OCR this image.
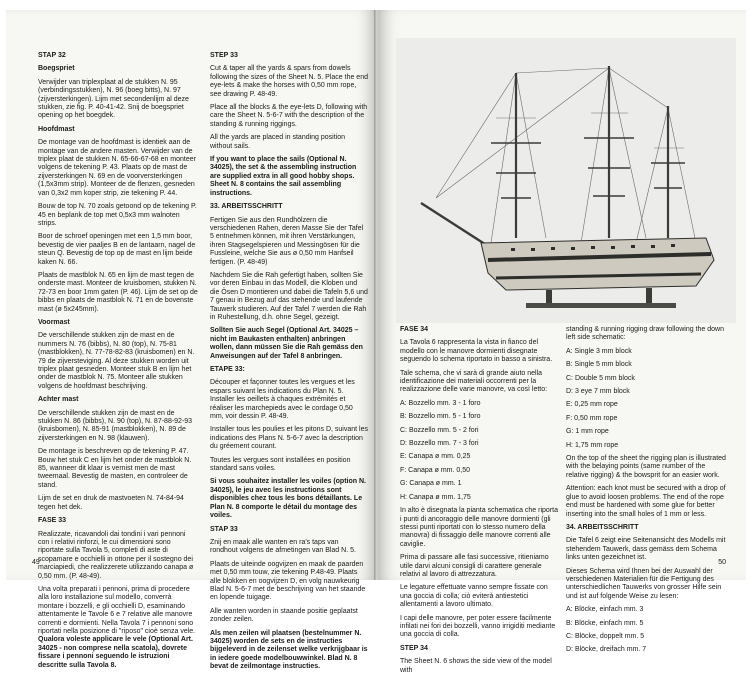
STAP 32

Boegspriet

Verwijder van triplexplaat al de stukken N. 95 (verbindingsstukken), N. 96 (boeg bitts), N. 97 (zijversterkingen). Lijm met secondenlijm al deze stukken, zie fig. P. 40-41-42. Snij de boegspriet opening op het boegdek.

Hoofdmast

De montage van de hoofdmast is identiek aan de montage van de andere masten. Verwijder van de triplex plaat de stukken N. 65-66-67-68 en monteer volgens de tekening P. 43. Plaats op de mast de zijversterkingen N. 69 en de voorversterkingen (1,5x3mm strip). Monteer de de flenzen, gesneden van 0,3x2 mm koper strip, zie tekening P. 44.

Bouw de top N. 70 zoals getoond op de tekening P. 45 en beplank de top met 0,5x3 mm walnoten strips.

Boor de schroef openingen met een 1,5 mm boor, bevestig de vier paaljes B en de lantaarn, nagel de steun Q. Bevestig de top op de mast en lijm beide kaken N. 66.

Plaats de mastblok N. 65 en lijm de mast tegen de onderste mast. Monteer de kruisbomen, stukken N. 72-73 en boor 1mm gaten (P. 46). Lijm de set op de bibbs en plaats de mastblok N. 71 en de bovenste mast (ø 5x245mm).

Voormast

De verschillende stukken zijn de mast en de nummers N. 76 (bibbs), N. 80 (top), N. 75-81 (mastblokken), N. 77-78-82-83 (kruisbomen) en N. 79 de zijversteviging. Al deze stukken worden uit triplex plaat gesneden. Monteer stuk B en lijm het onder de mastblok N. 75. Monteer alle stukken volgens de hoofdmast beschrijving.

Achter mast

De verschillende stukken zijn de mast en de stukken N. 86 (bibbs), N. 90 (top), N. 87-88-92-93 (kruisbomen), N. 85-91 (mastblokken), N. 89 de zijversterkingen en N. 98 (klauwen).

De montage is beschreven op de tekening P. 47. Bouw het stuk C en lijm het onder de mastblok N. 85, wanneer dit klaar is vernist men de mast tweemaal. Bevestig de masten, en controleer de stand.

Lijm de set en druk de mastvoeten N. 74-84-94 tegen het dek.

FASE 33

Realizzate, ricavandoli dai tondini i vari pennoni con i relativi rinforzi, le cui dimensioni sono riportate sulla Tavola 5, completi di aste di scopamare e occhielli in ottone per il sostegno dei marciapiedi, che realizzerete utilizzando canapa ø 0,50 mm. (P. 48-49).

Una volta preparati i pennoni, prima di procedere alla loro installazione sul modello, converrà montare i bozzelli, e gli occhielli D, esaminando attentamente le Tavole 6 e 7 relative alle manovre correnti e dormienti. Nella Tavola 7 i pennoni sono riportati nella posizione di "riposo" cioè senza vele. Qualora voleste applicare le vele (Optional Art. 34025 - non comprese nella scatola), dovrete fissare i pennoni seguendo le istruzioni descritte sulla Tavola 8.

STEP 33

Cut & taper all the yards & spars from dowels following the sizes of the Sheet N. 5. Place the end eye-lets & make the horses with 0,50 mm rope, see drawing P. 48-49.

Place all the blocks & the eye-lets D, following with care the Sheet N. 5-6-7 with the description of the standing & running riggings.

All the yards are placed in standing position without sails.

If you want to place the sails (Optional N. 34025), the set & the assembling instruction are supplied extra in all good hobby shops. Sheet N. 8 contains the sail assembling instructions.

33. ARBEITSSCHRITT

Fertigen Sie aus den Rundhölzern die verschiedenen Rahen, deren Masse Sie der Tafel 5 entnehmen können, mit ihren Verstärkungen, ihren Stagsegelspieren und Messingösen für die Fussleine, welche Sie aus ø 0,50 mm Hanfseil fertigen. (P. 48-49)

Nachdem Sie die Rah gefertigt haben, sollten Sie vor deren Einbau in das Modell, die Kloben und die Ösen D montieren und dabei die Tafeln 5,6 und 7 genau in Bezug auf das stehende und laufende Tauwerk studieren. Auf der Tafel 7 werden die Rah in Ruhestellung, d.h. ohne Segel, gezeigt.

Sollten Sie auch Segel (Optional Art. 34025 – nicht im Baukasten enthalten) anbringen wollen, dann müssen Sie die Rah gemäss den Anweisungen auf der Tafel 8 anbringen.

ETAPE 33:

Découper et façonner toutes les vergues et les espars suivant les indications du Plan N. 5. Installer les oeillets à chaques extrémités et réaliser les marchepieds avec le cordage 0,50 mm, voir dessin P. 48-49.

Installer tous les poulies et les pitons D, suivant les indications des Plans N. 5-6-7 avec la description du gréement courant.

Toutes les vergues sont installées en position standard sans voiles.

Si vous souhaitez installer les voiles (option N. 34025), le jeu avec les instructions sont disponibles chez tous les bons détaillants. Le Plan N. 8 comporte le détail du montage des voiles.

STAP 33

Znij en maak alle wanten en ra's taps van rondhout volgens de afmetingen van Blad N. 5.

Plaats de uiteinde oogvijzen en maak de paarden met 0,50 mm touw, zie tekening P.48-49. Plaats alle blokken en oogvijzen D, en volg nauwkeurig Blad N. 5-6-7 met de beschrijving van het staande en lopende tuigage.

Alle wanten worden in staande positie geplaatst zonder zeilen.

Als men zeilen wil plaatsen (bestelnummer N. 34025) worden de sets en de instructies bijgeleverd in de zeilenset welke verkrijgbaar is in iedere goede modelbouwwinkel. Blad N. 8 bevat de zeilmontage instructies.

49

FASE 34

La Tavola 6 rappresenta la vista in fianco del modello con le manovre dormienti disegnate seguendo lo schema riportato in basso a sinistra.

Tale schema, che vi sarà di grande aiuto nella identificazione dei materiali occorrenti per la realizzazione delle varie manovre, va così letto:

A: Bozzello mm. 3 - 1 foro

B: Bozzello mm. 5 - 1 foro

C: Bozzello mm. 5 - 2 fori

D: Bozzello mm. 7 - 3 fori

E: Canapa ø mm. 0,25

F: Canapa ø mm. 0,50

G: Canapa ø mm. 1

H: Canapa ø mm. 1,75

In alto è disegnata la pianta schematica che riporta i punti di ancoraggio delle manovre dormienti (gli stessi punti riportati con lo stesso numero della manovra) di fissaggio delle manovre correnti alle caviglie.

Prima di passare alle fasi successive, ritieniamo utile darvi alcuni consigli di carattere generale relativi al lavoro di attrezzatura.

Le legature effettuate vanno sempre fissate con una goccia di colla; ciò eviterà antiestetici allentamenti a lavoro ultimato.

I capi delle manovre, per poter essere facilmente infilati nei fori dei bozzelli, vanno irrigiditi mediante una goccia di colla.

STEP 34

The Sheet N. 6 shows the side view of the model with

standing & running rigging draw following the down left side schematic:

A: Single 3 mm block

B: Single 5 mm block

C: Double 5 mm block

D: 3 eye 7 mm block

E: 0,25 mm rope

F: 0,50 mm rope

G: 1 mm rope

H: 1,75 mm rope

On the top of the sheet the rigging plan is illustrated with the belaying points (same number of the relative rigging) & the bowsprit for an easier work.

Attention: each knot must be secured with a drop of glue to avoid loosen problems. The end of the rope end must be hardened with some glue for better inserting into the small holes of 1 mm or less.

34. ARBEITSSCHRITT

Die Tafel 6 zeigt eine Seitenansicht des Modells mit stehendem Tauwerk, dass gemäss dem Schema links unten gezeichnet ist.

Dieses Schema wird Ihnen bei der Auswahl der verschiedenen Materialien für die Fertigung des unterschiedlichen Tauwerks von grosser Hilfe sein und ist auf folgende Weise zu lesen:

A: Blöcke, einfach mm. 3

B: Blöcke, einfach mm. 5

C: Blöcke, doppelt mm. 5

D: Blöcke, dreifach mm. 7

50
